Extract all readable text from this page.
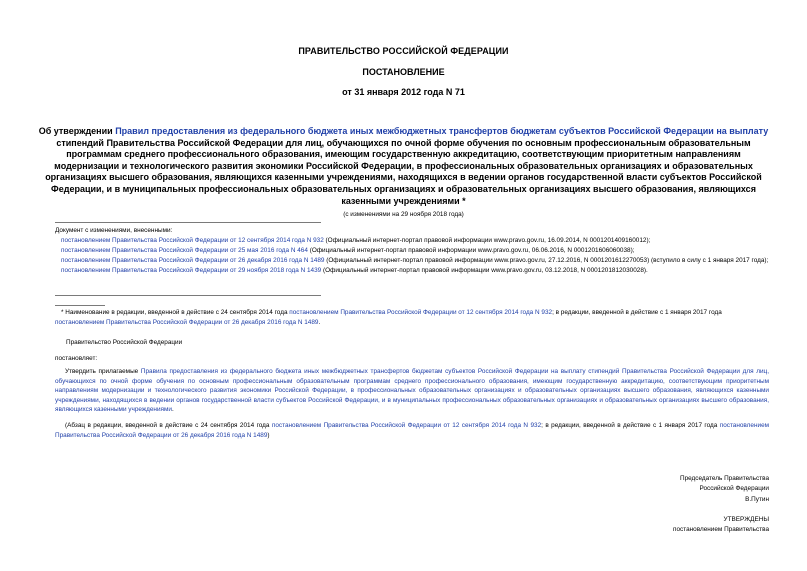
ПРАВИТЕЛЬСТВО РОССИЙСКОЙ ФЕДЕРАЦИИ
ПОСТАНОВЛЕНИЕ
от 31 января 2012 года N 71
Об утверждении Правил предоставления из федерального бюджета иных межбюджетных трансфертов бюджетам субъектов Российской Федерации на выплату стипендий Правительства Российской Федерации для лиц, обучающихся по очной форме обучения по основным профессиональным образовательным программам среднего профессионального образования, имеющим государственную аккредитацию, соответствующим приоритетным направлениям модернизации и технологического развития экономики Российской Федерации, в профессиональных образовательных организациях и образовательных организациях высшего образования, являющихся казенными учреждениями, находящихся в ведении органов государственной власти субъектов Российской Федерации, и в муниципальных профессиональных образовательных организациях и образовательных организациях высшего образования, являющихся казенными учреждениями *
(с изменениями на 29 ноября 2018 года)
Документ с изменениями, внесенными:
постановлением Правительства Российской Федерации от 12 сентября 2014 года N 932 (Официальный интернет-портал правовой информации www.pravo.gov.ru, 16.09.2014, N 0001201409160012);
постановлением Правительства Российской Федерации от 25 мая 2016 года N 464 (Официальный интернет-портал правовой информации www.pravo.gov.ru, 06.06.2016, N 0001201606060038);
постановлением Правительства Российской Федерации от 26 декабря 2016 года N 1489 (Официальный интернет-портал правовой информации www.pravo.gov.ru, 27.12.2016, N 0001201612270053) (вступило в силу с 1 января 2017 года);
постановлением Правительства Российской Федерации от 29 ноября 2018 года N 1439 (Официальный интернет-портал правовой информации www.pravo.gov.ru, 03.12.2018, N 0001201812030028).
* Наименование в редакции, введенной в действие с 24 сентября 2014 года постановлением Правительства Российской Федерации от 12 сентября 2014 года N 932; в редакции, введенной в действие с 1 января 2017 года постановлением Правительства Российской Федерации от 26 декабря 2016 года N 1489.
Правительство Российской Федерации
постановляет:
Утвердить прилагаемые Правила предоставления из федерального бюджета иных межбюджетных трансфертов бюджетам субъектов Российской Федерации на выплату стипендий Правительства Российской Федерации для лиц, обучающихся по очной форме обучения по основным профессиональным образовательным программам среднего профессионального образования, имеющим государственную аккредитацию, соответствующим приоритетным направлениям модернизации и технологического развития экономики Российской Федерации, в профессиональных образовательных организациях и образовательных организациях высшего образования, являющихся казенными учреждениями, находящихся в ведении органов государственной власти субъектов Российской Федерации, и в муниципальных профессиональных образовательных организациях и образовательных организациях высшего образования, являющихся казенными учреждениями.
(Абзац в редакции, введенной в действие с 24 сентября 2014 года постановлением Правительства Российской Федерации от 12 сентября 2014 года N 932; в редакции, введенной в действие с 1 января 2017 года постановлением Правительства Российской Федерации от 26 декабря 2016 года N 1489)
Председатель Правительства
Российской Федерации
В.Путин
УТВЕРЖДЕНЫ
постановлением Правительства
